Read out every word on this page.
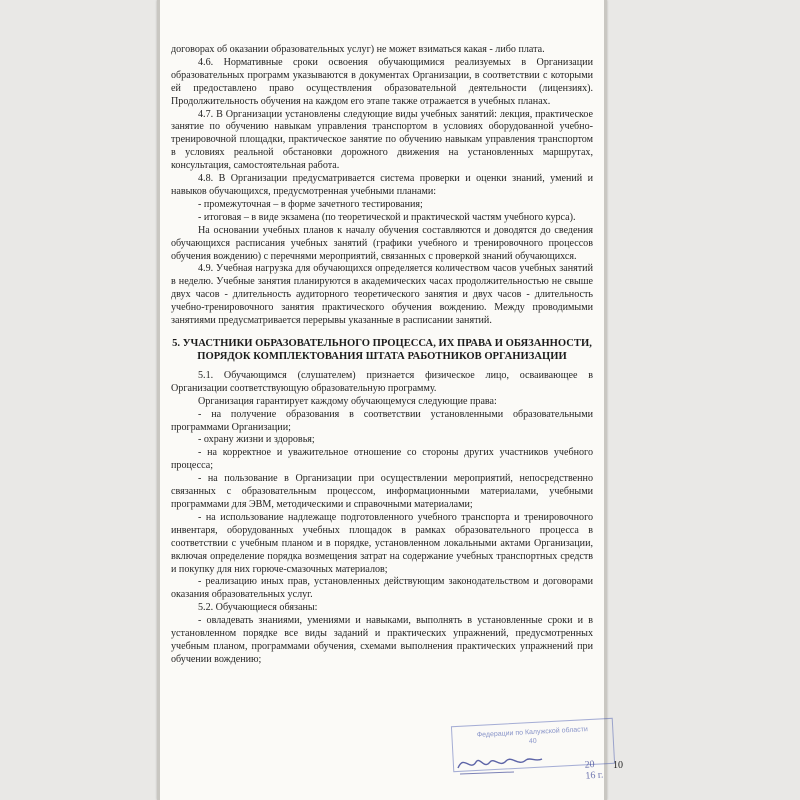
договорах об оказании образовательных услуг) не может взиматься какая - либо плата.

4.6. Нормативные сроки освоения обучающимися реализуемых в Организации образовательных программ указываются в документах Организации, в соответствии с которыми ей предоставлено право осуществления образовательной деятельности (лицензиях). Продолжительность обучения на каждом его этапе также отражается в учебных планах.

4.7. В Организации установлены следующие виды учебных занятий: лекция, практическое занятие по обучению навыкам управления транспортом в условиях оборудованной учебно-тренировочной площадки, практическое занятие по обучению навыкам управления транспортом в условиях реальной обстановки дорожного движения на установленных маршрутах, консультация, самостоятельная работа.

4.8. В Организации предусматривается система проверки и оценки знаний, умений и навыков обучающихся, предусмотренная учебными планами:

- промежуточная – в форме зачетного тестирования;

- итоговая – в виде экзамена (по теоретической и практической частям учебного курса).

На основании учебных планов к началу обучения составляются и доводятся до сведения обучающихся расписания учебных занятий (графики учебного и тренировочного процессов обучения вождению) с перечнями мероприятий, связанных с проверкой знаний обучающихся.

4.9. Учебная нагрузка для обучающихся определяется количеством часов учебных занятий в неделю. Учебные занятия планируются в академических часах продолжительностью не свыше двух часов - длительность аудиторного теоретического занятия и двух часов - длительность учебно-тренировочного занятия практического обучения вождению. Между проводимыми занятиями предусматривается перерывы указанные в расписании занятий.

5. УЧАСТНИКИ ОБРАЗОВАТЕЛЬНОГО ПРОЦЕССА, ИХ ПРАВА И ОБЯЗАННОСТИ, ПОРЯДОК КОМПЛЕКТОВАНИЯ ШТАТА РАБОТНИКОВ ОРГАНИЗАЦИИ

5.1. Обучающимся (слушателем) признается физическое лицо, осваивающее в Организации соответствующую образовательную программу.

Организация гарантирует каждому обучающемуся следующие права:

- на получение образования в соответствии установленными образовательными программами Организации;

- охрану жизни и здоровья;

- на корректное и уважительное отношение со стороны других участников учебного процесса;

- на пользование в Организации при осуществлении мероприятий, непосредственно связанных с образовательным процессом, информационными материалами, учебными программами для ЭВМ, методическими и справочными материалами;

- на использование надлежаще подготовленного учебного транспорта и тренировочного инвентаря, оборудованных учебных площадок в рамках образовательного процесса в соответствии с учебным планом и в порядке, установленном локальными актами Организации, включая определение порядка возмещения затрат на содержание учебных транспортных средств и покупку для них горюче-смазочных материалов;

- реализацию иных прав, установленных действующим законодательством и договорами оказания образовательных услуг.

5.2. Обучающиеся обязаны:

- овладевать знаниями, умениями и навыками, выполнять в установленные сроки и в установленном порядке все виды заданий и практических упражнений, предусмотренных учебным планом, программами обучения, схемами выполнения практических упражнений при обучении вождению;

Федерации по Калужской области
40
20 16 г.
10
